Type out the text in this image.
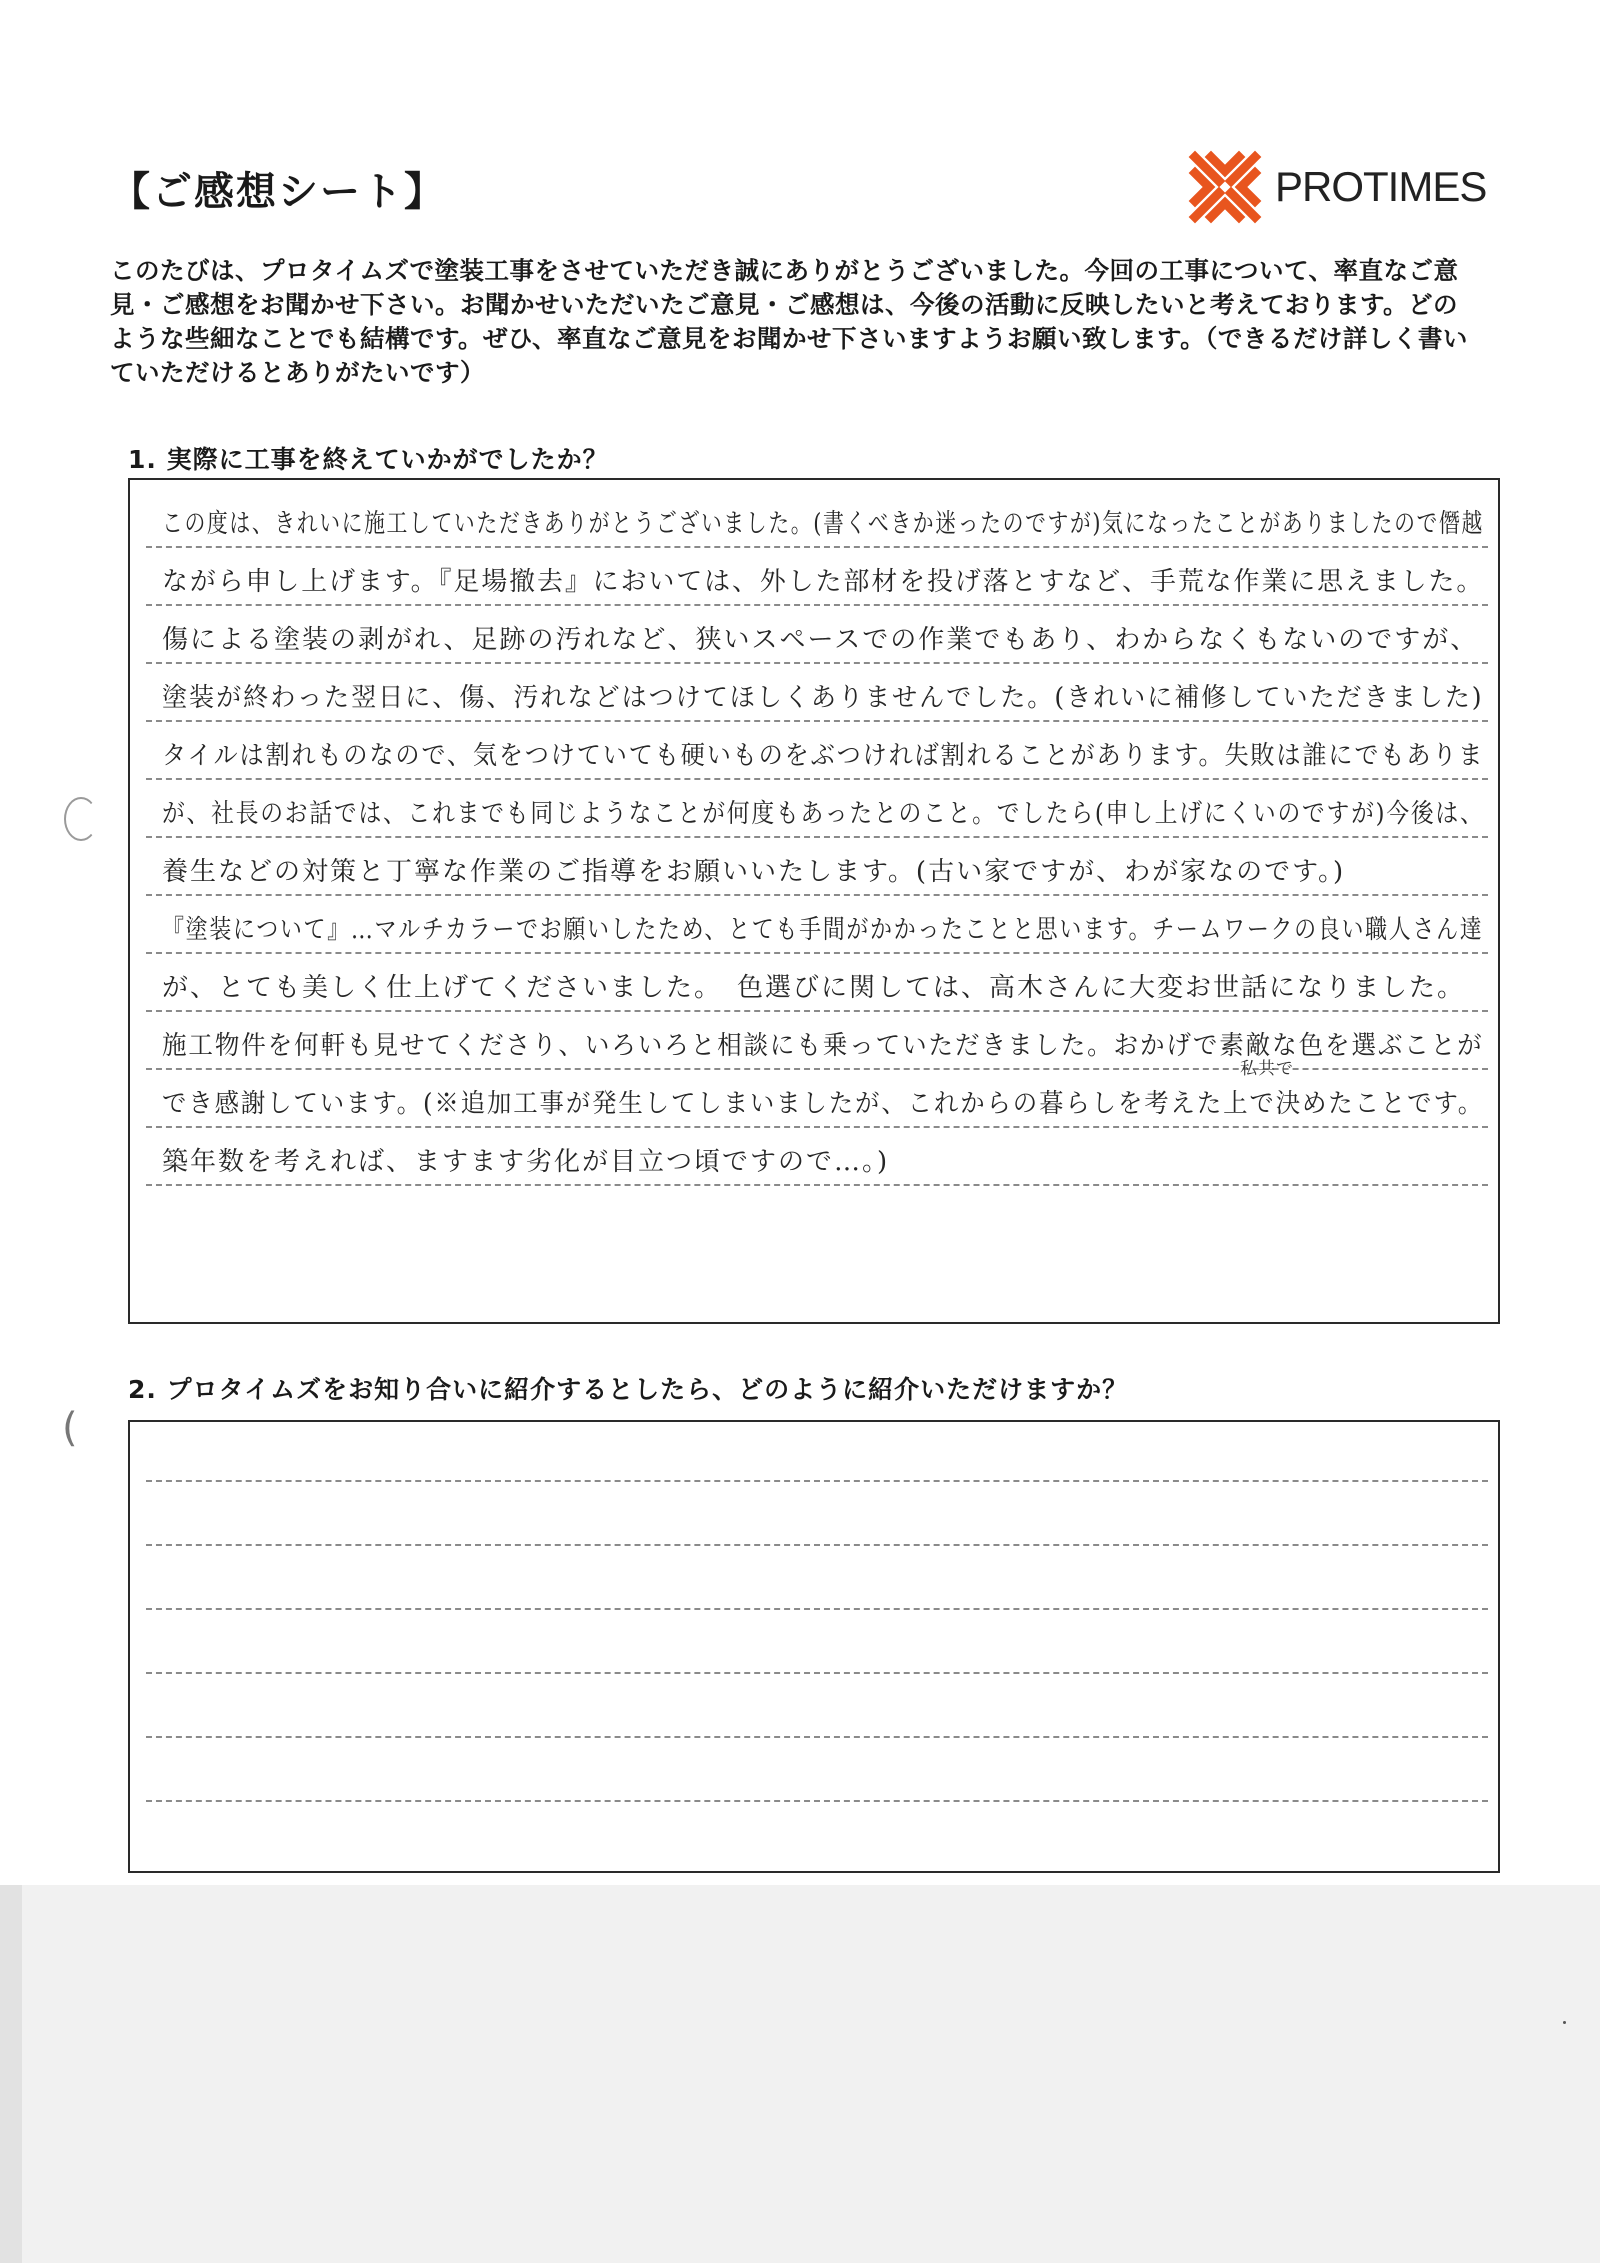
(
【ご感想シート】	PROTIMES
このたびは、プロタイムズで塗装工事をさせていただき誠にありがとうございました。今回の工事について、率直なご意見・ご感想をお聞かせ下さい。お聞かせいただいたご意見・ご感想は、今後の活動に反映したいと考えております。どのような些細なことでも結構です。ぜひ、率直なご意見をお聞かせ下さいますようお願い致します。（できるだけ詳しく書いていただけるとありがたいです）
1. 実際に工事を終えていかがでしたか？
この度は、きれいに施工していただきありがとうございました。(書くべきか迷ったのですが)気になったことがありましたので僭越
ながら申し上げます。『足場撤去』においては、外した部材を投げ落とすなど、手荒な作業に思えました。
傷による塗装の剥がれ、足跡の汚れなど、狭いスペースでの作業でもあり、わからなくもないのですが、
塗装が終わった翌日に、傷、汚れなどはつけてほしくありませんでした。(きれいに補修していただきました)
タイルは割れものなので、気をつけていても硬いものをぶつければ割れることがあります。失敗は誰にでもありま
が、社長のお話では、これまでも同じようなことが何度もあったとのこと。でしたら(申し上げにくいのですが)今後は、
養生などの対策と丁寧な作業のご指導をお願いいたします。(古い家ですが、わが家なのです。)
『塗装について』…マルチカラーでお願いしたため、とても手間がかかったことと思います。チームワークの良い職人さん達
が、とても美しく仕上げてくださいました。　色選びに関しては、高木さんに大変お世話になりました。
施工物件を何軒も見せてくださり、いろいろと相談にも乗っていただきました。おかげで素敵な色を選ぶことが
でき感謝しています。(※追加工事が発生してしまいましたが、これからの暮らしを考えた上で決めたことです。
築年数を考えれば、ますます劣化が目立つ頃ですので…。)
私共で
2. プロタイムズをお知り合いに紹介するとしたら、どのように紹介いただけますか？
